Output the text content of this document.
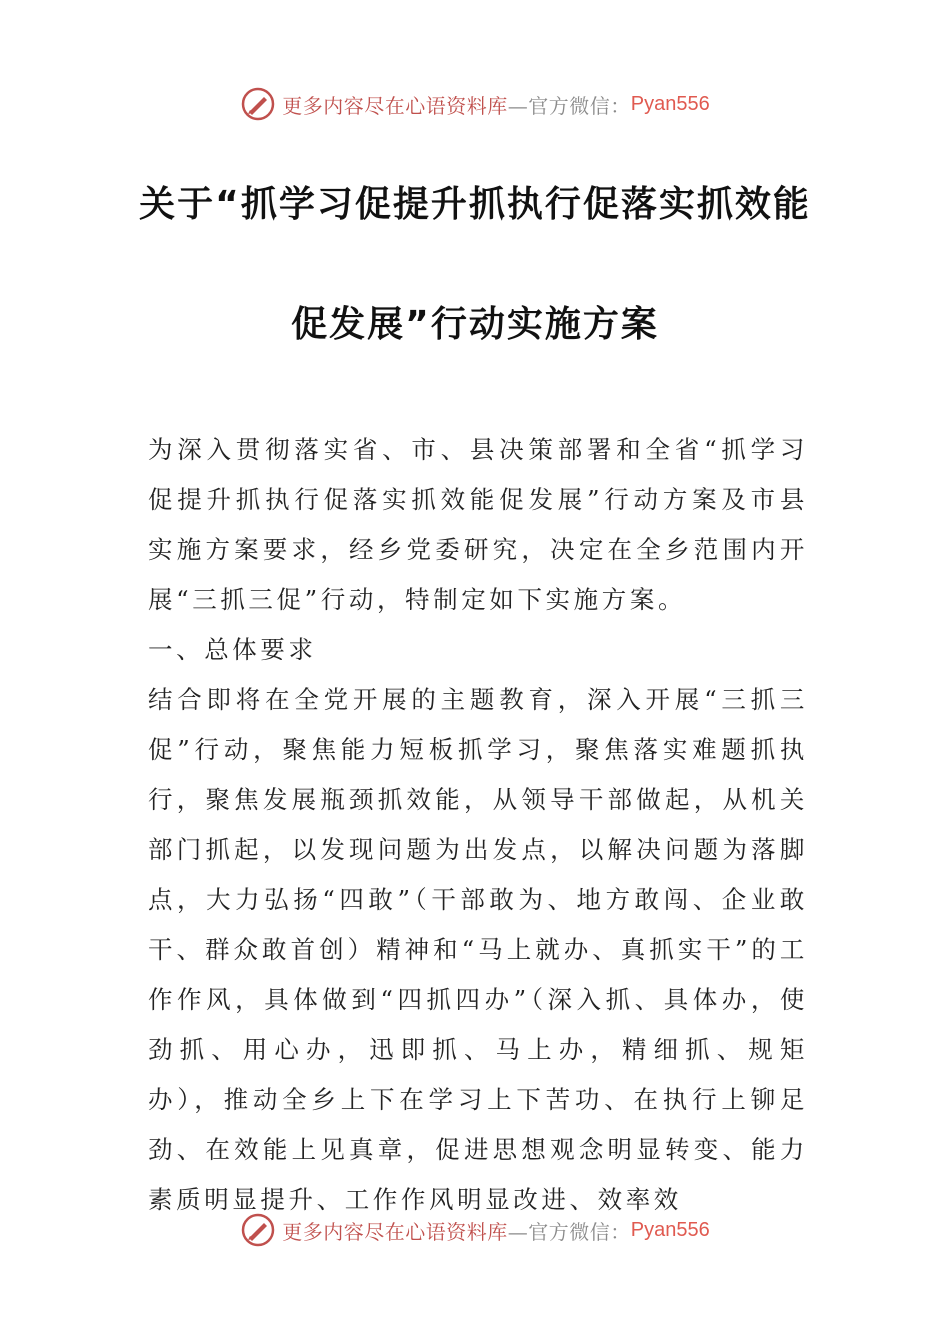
更多内容尽在心语资料库 —官方微信： Pyan556
关于“抓学习促提升抓执行促落实抓效能
促发展”行动实施方案

为深入贯彻落实省、市、县决策部署和全省“抓学习促提升抓执行促落实抓效能促发展”行动方案及市县实施方案要求，经乡党委研究，决定在全乡范围内开展“三抓三促”行动，特制定如下实施方案。

一、总体要求

结合即将在全党开展的主题教育，深入开展“三抓三促”行动，聚焦能力短板抓学习，聚焦落实难题抓执行，聚焦发展瓶颈抓效能，从领导干部做起，从机关部门抓起，以发现问题为出发点，以解决问题为落脚点，大力弘扬“四敢”（干部敢为、地方敢闯、企业敢干、群众敢首创）精神和“马上就办、真抓实干”的工作作风，具体做到“四抓四办”（深入抓、具体办，使劲抓、用心办，迅即抓、马上办，精细抓、规矩办），推动全乡上下在学习上下苦功、在执行上铆足劲、在效能上见真章，促进思想观念明显转变、能力素质明显提升、工作作风明显改进、效率效

更多内容尽在心语资料库 —官方微信： Pyan556
